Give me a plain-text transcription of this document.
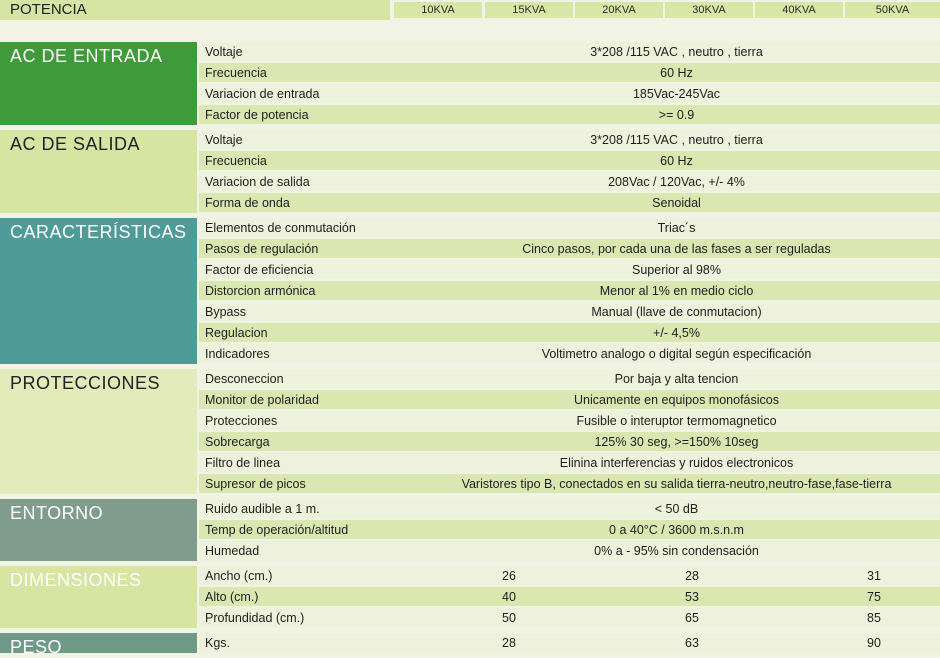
POTENCIA	10KVA	15KVA	20KVA	30KVA	40KVA	50KVA
AC DE ENTRADA	Voltaje	3*208 /115 VAC , neutro , tierra
Frecuencia	60 Hz
Variacion de entrada	185Vac-245Vac
Factor de potencia	>= 0.9
AC DE SALIDA	Voltaje	3*208 /115 VAC , neutro , tierra
Frecuencia	60 Hz
Variacion de salida	208Vac / 120Vac, +/- 4%
Forma de onda	Senoidal
CARACTERÍSTICAS	Elementos de conmutación	Triac´s
Pasos de regulación	Cinco pasos, por cada una de las fases a ser reguladas
Factor de eficiencia	Superior al 98%
Distorcion armónica	Menor al 1% en medio ciclo
Bypass	Manual (llave de conmutacion)
Regulacion	+/- 4,5%
Indicadores	Voltimetro analogo o digital según especificación
PROTECCIONES	Desconeccion	Por baja y alta tencion
Monitor de polaridad	Unicamente en equipos monofásicos
Protecciones	Fusible o interuptor termomagnetico
Sobrecarga	125% 30 seg, >=150% 10seg
Filtro de linea	Elinina interferencias y ruidos electronicos
Supresor de picos	Varistores tipo B, conectados en su salida tierra-neutro,neutro-fase,fase-tierra
ENTORNO	Ruido audible a 1 m.	< 50 dB
Temp de operación/altitud	0 a 40°C / 3600 m.s.n.m
Humedad	0% a - 95% sin condensación
DIMENSIONES	Ancho (cm.)	26	28	31
Alto (cm.)	40	53	75
Profundidad (cm.)	50	65	85
PESO	Kgs.	28	63	90
